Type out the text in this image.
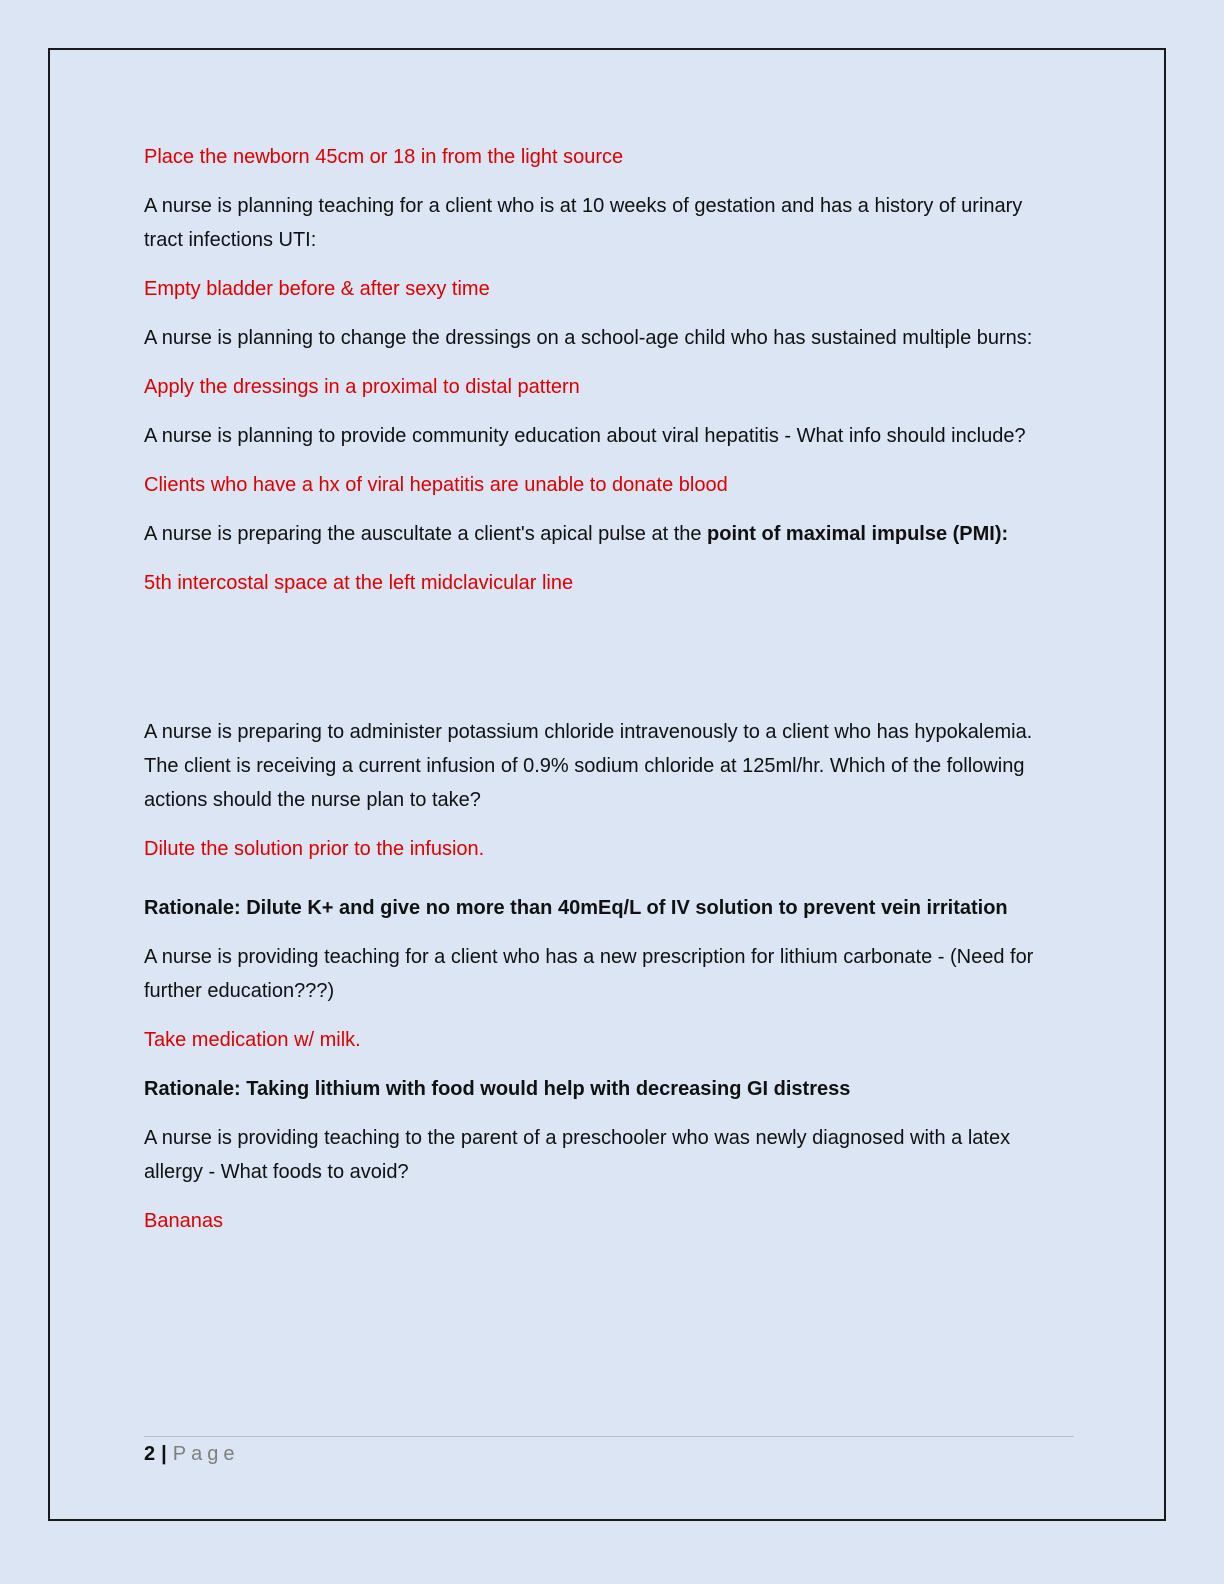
Place the newborn 45cm or 18 in from the light source

A nurse is planning teaching for a client who is at 10 weeks of gestation and has a history of urinary tract infections UTI:

Empty bladder before & after sexy time

A nurse is planning to change the dressings on a school-age child who has sustained multiple burns:

Apply the dressings in a proximal to distal pattern

A nurse is planning to provide community education about viral hepatitis - What info should include?

Clients who have a hx of viral hepatitis are unable to donate blood

A nurse is preparing the auscultate a client's apical pulse at the point of maximal impulse (PMI):

5th intercostal space at the left midclavicular line

A nurse is preparing to administer potassium chloride intravenously to a client who has hypokalemia. The client is receiving a current infusion of 0.9% sodium chloride at 125ml/hr. Which of the following actions should the nurse plan to take?

Dilute the solution prior to the infusion.

Rationale: Dilute K+ and give no more than 40mEq/L of IV solution to prevent vein irritation

A nurse is providing teaching for a client who has a new prescription for lithium carbonate - (Need for further education???)

Take medication w/ milk.

Rationale: Taking lithium with food would help with decreasing GI distress

A nurse is providing teaching to the parent of a preschooler who was newly diagnosed with a latex allergy - What foods to avoid?

Bananas

2 | Page
